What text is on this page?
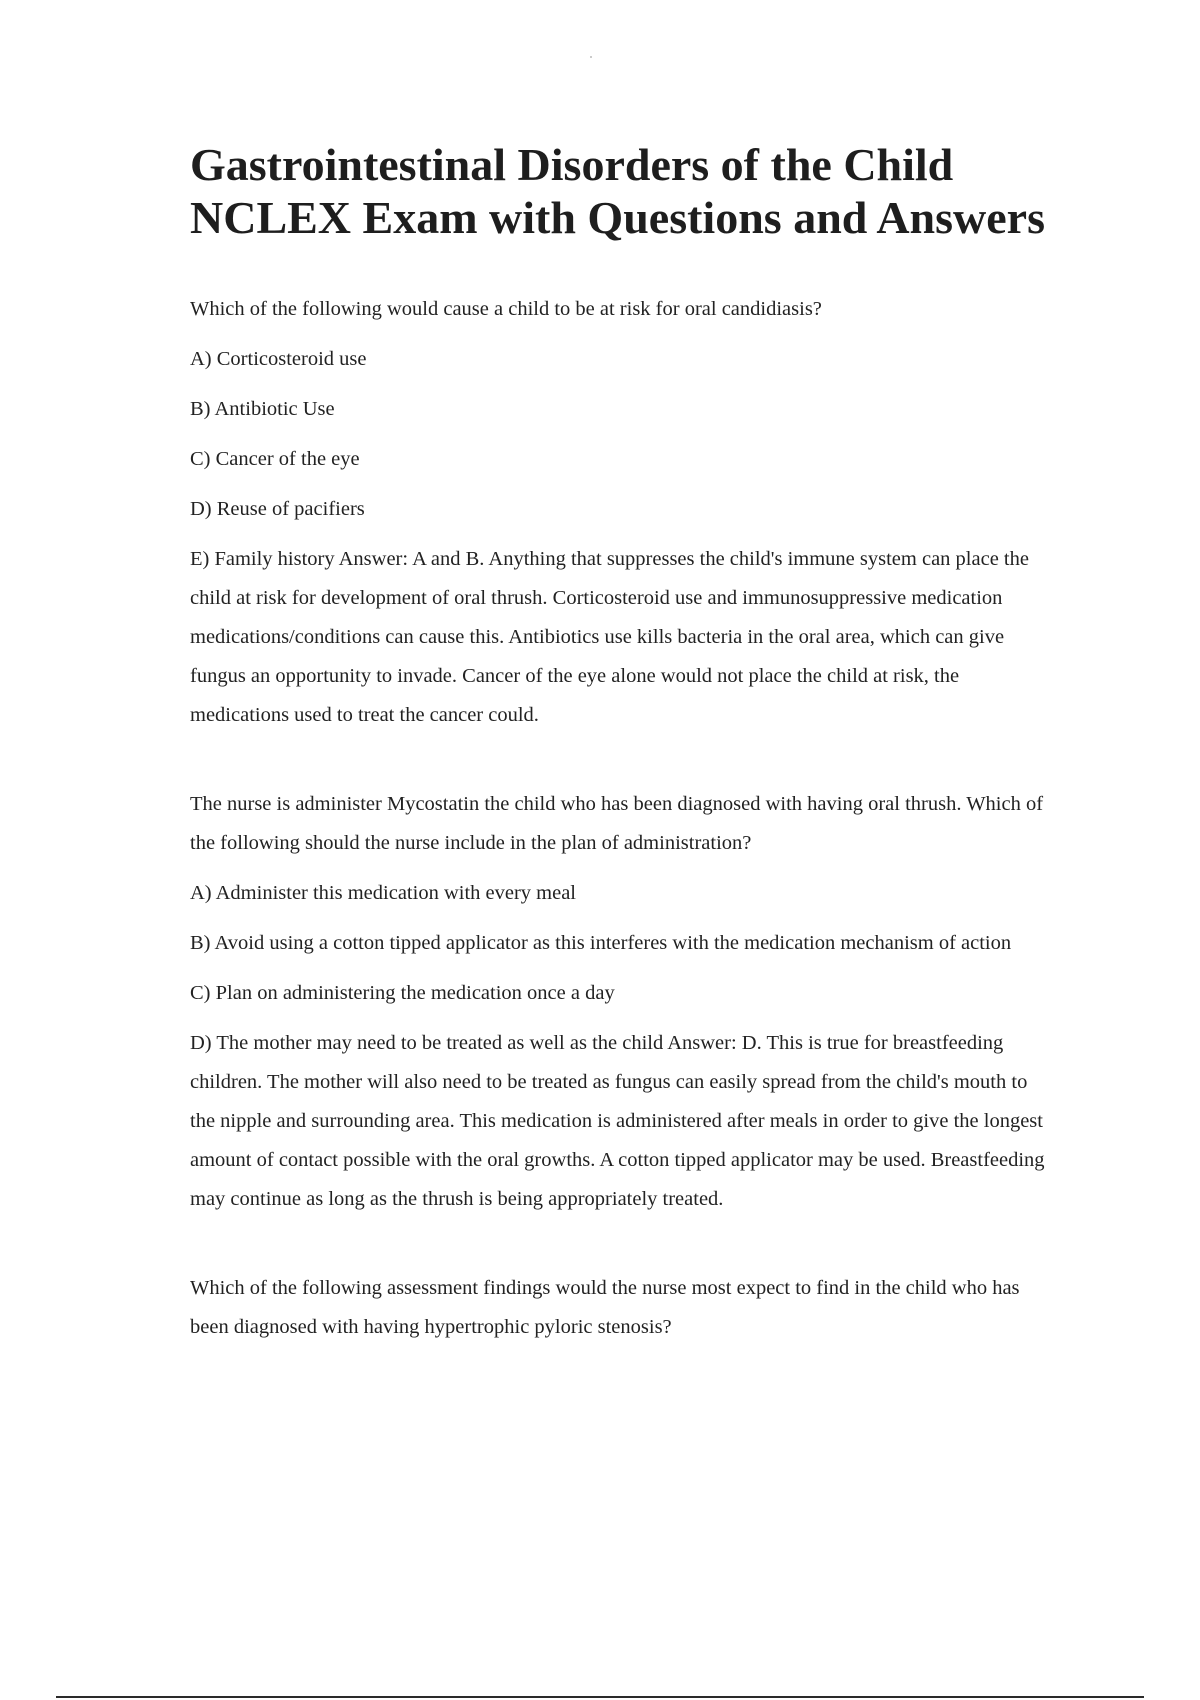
Gastrointestinal Disorders of the Child
NCLEX Exam with Questions and Answers

Which of the following would cause a child to be at risk for oral candidiasis?

A) Corticosteroid use

B) Antibiotic Use

C) Cancer of the eye

D) Reuse of pacifiers

E) Family history Answer: A and B. Anything that suppresses the child's immune system can place the child at risk for development of oral thrush. Corticosteroid use and immunosuppressive medication medications/conditions can cause this. Antibiotics use kills bacteria in the oral area, which can give fungus an opportunity to invade. Cancer of the eye alone would not place the child at risk, the medications used to treat the cancer could.

The nurse is administer Mycostatin the child who has been diagnosed with having oral thrush. Which of the following should the nurse include in the plan of administration?

A) Administer this medication with every meal

B) Avoid using a cotton tipped applicator as this interferes with the medication mechanism of action

C) Plan on administering the medication once a day

D) The mother may need to be treated as well as the child Answer: D. This is true for breastfeeding children. The mother will also need to be treated as fungus can easily spread from the child's mouth to the nipple and surrounding area. This medication is administered after meals in order to give the longest amount of contact possible with the oral growths. A cotton tipped applicator may be used. Breastfeeding may continue as long as the thrush is being appropriately treated.

Which of the following assessment findings would the nurse most expect to find in the child who has been diagnosed with having hypertrophic pyloric stenosis?
